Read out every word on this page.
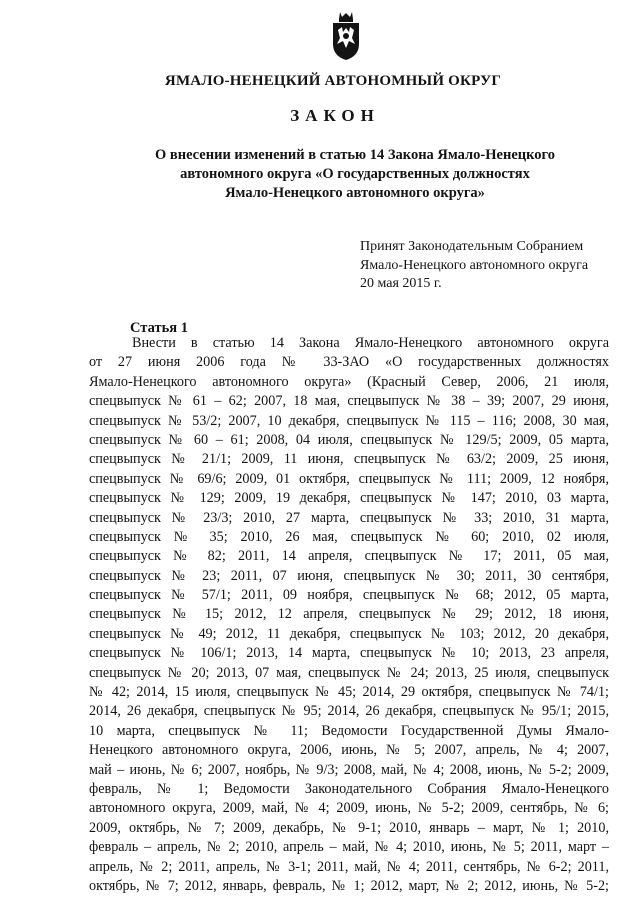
ЯМАЛО-НЕНЕЦКИЙ АВТОНОМНЫЙ ОКРУГ
ЗАКОН
О внесении изменений в статью 14 Закона Ямало-Ненецкого
автономного округа «О государственных должностях
Ямало-Ненецкого автономного округа»
Принят Законодательным Собранием
Ямало-Ненецкого автономного округа
20 мая 2015 г.
Статья 1
Внести в статью 14 Закона Ямало-Ненецкого автономного округа
от 27 июня 2006 года № 33-ЗАО «О государственных должностях
Ямало-Ненецкого автономного округа» (Красный Север, 2006, 21 июля,
спецвыпуск № 61 – 62; 2007, 18 мая, спецвыпуск № 38 – 39; 2007, 29 июня,
спецвыпуск № 53/2; 2007, 10 декабря, спецвыпуск № 115 – 116; 2008, 30 мая,
спецвыпуск № 60 – 61; 2008, 04 июля, спецвыпуск № 129/5; 2009, 05 марта,
спецвыпуск № 21/1; 2009, 11 июня, спецвыпуск № 63/2; 2009, 25 июня,
спецвыпуск № 69/6; 2009, 01 октября, спецвыпуск № 111; 2009, 12 ноября,
спецвыпуск № 129; 2009, 19 декабря, спецвыпуск № 147; 2010, 03 марта,
спецвыпуск № 23/3; 2010, 27 марта, спецвыпуск № 33; 2010, 31 марта,
спецвыпуск № 35; 2010, 26 мая, спецвыпуск № 60; 2010, 02 июля,
спецвыпуск № 82; 2011, 14 апреля, спецвыпуск № 17; 2011, 05 мая,
спецвыпуск № 23; 2011, 07 июня, спецвыпуск № 30; 2011, 30 сентября,
спецвыпуск № 57/1; 2011, 09 ноября, спецвыпуск № 68; 2012, 05 марта,
спецвыпуск № 15; 2012, 12 апреля, спецвыпуск № 29; 2012, 18 июня,
спецвыпуск № 49; 2012, 11 декабря, спецвыпуск № 103; 2012, 20 декабря,
спецвыпуск № 106/1; 2013, 14 марта, спецвыпуск № 10; 2013, 23 апреля,
спецвыпуск № 20; 2013, 07 мая, спецвыпуск № 24; 2013, 25 июля, спецвыпуск
№ 42; 2014, 15 июля, спецвыпуск № 45; 2014, 29 октября, спецвыпуск № 74/1;
2014, 26 декабря, спецвыпуск № 95; 2014, 26 декабря, спецвыпуск № 95/1; 2015,
10 марта, спецвыпуск № 11; Ведомости Государственной Думы Ямало-
Ненецкого автономного округа, 2006, июнь, № 5; 2007, апрель, № 4; 2007,
май – июнь, № 6; 2007, ноябрь, № 9/3; 2008, май, № 4; 2008, июнь, № 5-2; 2009,
февраль, № 1; Ведомости Законодательного Собрания Ямало-Ненецкого
автономного округа, 2009, май, № 4; 2009, июнь, № 5-2; 2009, сентябрь, № 6;
2009, октябрь, № 7; 2009, декабрь, № 9-1; 2010, январь – март, № 1; 2010,
февраль – апрель, № 2; 2010, апрель – май, № 4; 2010, июнь, № 5; 2011, март –
апрель, № 2; 2011, апрель, № 3-1; 2011, май, № 4; 2011, сентябрь, № 6-2; 2011,
октябрь, № 7; 2012, январь, февраль, № 1; 2012, март, № 2; 2012, июнь, № 5-2;
